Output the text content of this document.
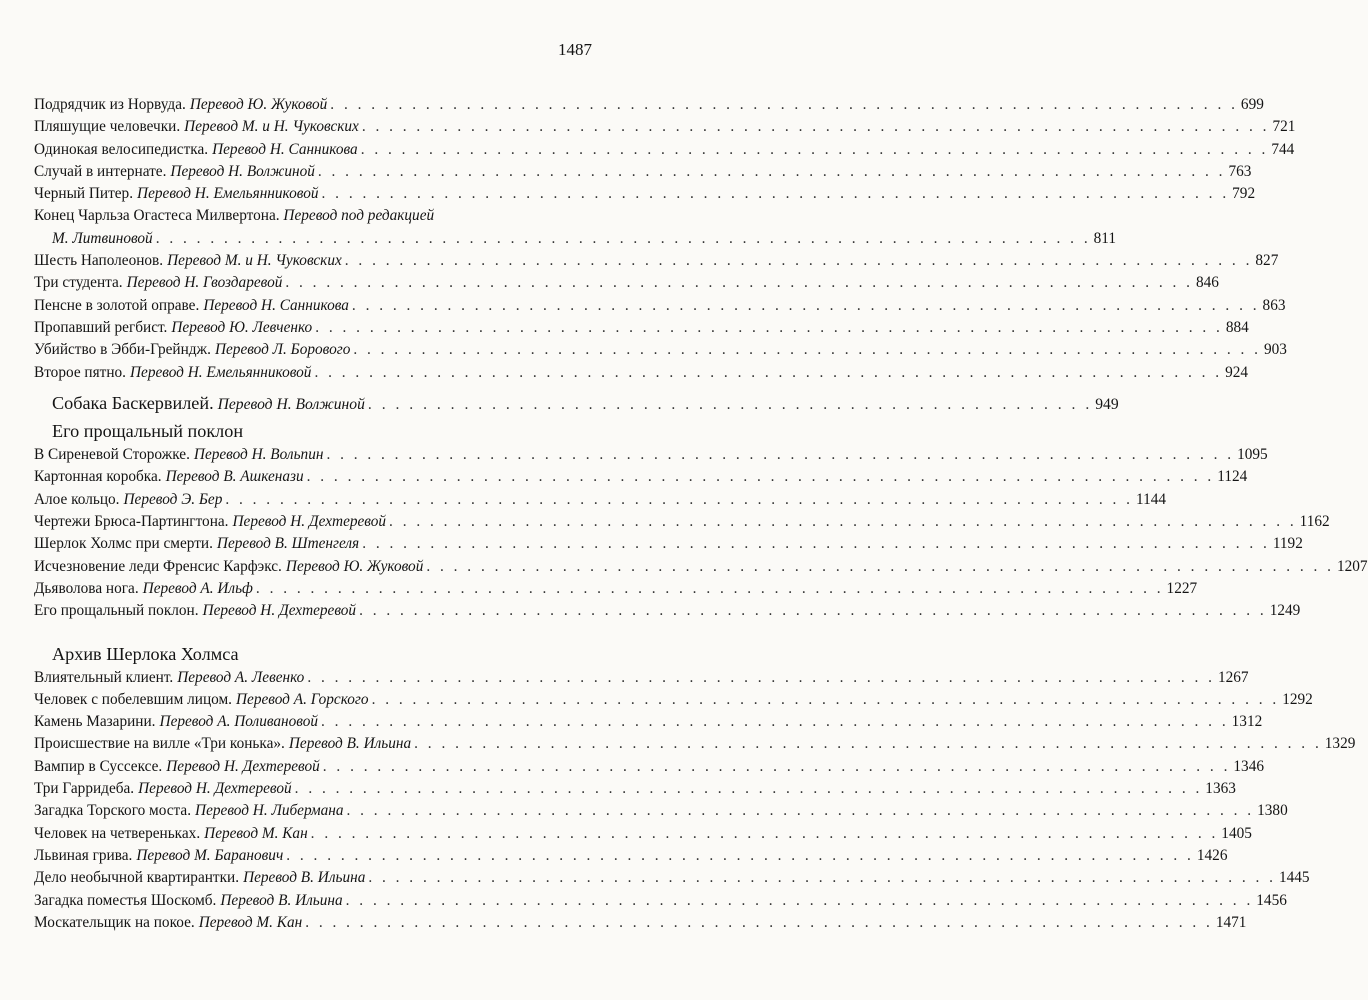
1487
Подрядчик из Норвуда. Перевод Ю. Жуковой . . . . . . . . . . . . . . . . . . . . . . . . . . . . . . . . . . . . . . . . . . . . . . . . . . . . . . . . . . . . . . . . . . . 699
Пляшущие человечки. Перевод М. и Н. Чуковских . . . . . . . . . . . . . . . . . . . . . . . . . . . . . . . . . . . . . . . . . . . . . . . . . . . . . . . . . . . . . . . . . . . 721
Одинокая велосипедистка. Перевод Н. Санникова . . . . . . . . . . . . . . . . . . . . . . . . . . . . . . . . . . . . . . . . . . . . . . . . . . . . . . . . . . . . . . . . . . . 744
Случай в интернате. Перевод Н. Волжиной . . . . . . . . . . . . . . . . . . . . . . . . . . . . . . . . . . . . . . . . . . . . . . . . . . . . . . . . . . . . . . . . . . . 763
Черный Питер. Перевод Н. Емельянниковой . . . . . . . . . . . . . . . . . . . . . . . . . . . . . . . . . . . . . . . . . . . . . . . . . . . . . . . . . . . . . . . . . . . 792
Конец Чарльза Огастеса Милвертона. Перевод под редакцией
М. Литвиновой . . . . . . . . . . . . . . . . . . . . . . . . . . . . . . . . . . . . . . . . . . . . . . . . . . . . . . . . . . . . . . . . . . . . . 811
Шесть Наполеонов. Перевод М. и Н. Чуковских . . . . . . . . . . . . . . . . . . . . . . . . . . . . . . . . . . . . . . . . . . . . . . . . . . . . . . . . . . . . . . . . . . . 827
Три студента. Перевод Н. Гвоздаревой . . . . . . . . . . . . . . . . . . . . . . . . . . . . . . . . . . . . . . . . . . . . . . . . . . . . . . . . . . . . . . . . . . . 846
Пенсне в золотой оправе. Перевод Н. Санникова . . . . . . . . . . . . . . . . . . . . . . . . . . . . . . . . . . . . . . . . . . . . . . . . . . . . . . . . . . . . . . . . . . . 863
Пропавший регбист. Перевод Ю. Левченко . . . . . . . . . . . . . . . . . . . . . . . . . . . . . . . . . . . . . . . . . . . . . . . . . . . . . . . . . . . . . . . . . . . 884
Убийство в Эбби-Грейндж. Перевод Л. Борового . . . . . . . . . . . . . . . . . . . . . . . . . . . . . . . . . . . . . . . . . . . . . . . . . . . . . . . . . . . . . . . . . . . 903
Второе пятно. Перевод Н. Емельянниковой . . . . . . . . . . . . . . . . . . . . . . . . . . . . . . . . . . . . . . . . . . . . . . . . . . . . . . . . . . . . . . . . . . . 924
Собака Баскервилей. Перевод Н. Волжиной . . . . . . . . . . . . . . . . . . . . . . . . . . . . . . . . . . . . . . . . . . . . . . . . . . . . . 949
Его прощальный поклон
В Сиреневой Сторожке. Перевод Н. Вольпин . . . . . . . . . . . . . . . . . . . . . . . . . . . . . . . . . . . . . . . . . . . . . . . . . . . . . . . . . . . . . . . . . . . 1095
Картонная коробка. Перевод В. Ашкенази . . . . . . . . . . . . . . . . . . . . . . . . . . . . . . . . . . . . . . . . . . . . . . . . . . . . . . . . . . . . . . . . . . . 1124
Алое кольцо. Перевод Э. Бер . . . . . . . . . . . . . . . . . . . . . . . . . . . . . . . . . . . . . . . . . . . . . . . . . . . . . . . . . . . . . . . . . . . 1144
Чертежи Брюса-Партингтона. Перевод Н. Дехтеревой . . . . . . . . . . . . . . . . . . . . . . . . . . . . . . . . . . . . . . . . . . . . . . . . . . . . . . . . . . . . . . . . . . . 1162
Шерлок Холмс при смерти. Перевод В. Штенгеля . . . . . . . . . . . . . . . . . . . . . . . . . . . . . . . . . . . . . . . . . . . . . . . . . . . . . . . . . . . . . . . . . . . 1192
Исчезновение леди Френсис Карфэкс. Перевод Ю. Жуковой . . . . . . . . . . . . . . . . . . . . . . . . . . . . . . . . . . . . . . . . . . . . . . . . . . . . . . . . . . . . . . . . . . . 1207
Дьяволова нога. Перевод А. Ильф . . . . . . . . . . . . . . . . . . . . . . . . . . . . . . . . . . . . . . . . . . . . . . . . . . . . . . . . . . . . . . . . . . . 1227
Его прощальный поклон. Перевод Н. Дехтеревой . . . . . . . . . . . . . . . . . . . . . . . . . . . . . . . . . . . . . . . . . . . . . . . . . . . . . . . . . . . . . . . . . . . 1249
Архив Шерлока Холмса
Влиятельный клиент. Перевод А. Левенко . . . . . . . . . . . . . . . . . . . . . . . . . . . . . . . . . . . . . . . . . . . . . . . . . . . . . . . . . . . . . . . . . . . 1267
Человек с побелевшим лицом. Перевод А. Горского . . . . . . . . . . . . . . . . . . . . . . . . . . . . . . . . . . . . . . . . . . . . . . . . . . . . . . . . . . . . . . . . . . . 1292
Камень Мазарини. Перевод А. Поливановой . . . . . . . . . . . . . . . . . . . . . . . . . . . . . . . . . . . . . . . . . . . . . . . . . . . . . . . . . . . . . . . . . . . 1312
Происшествие на вилле «Три конька». Перевод В. Ильина . . . . . . . . . . . . . . . . . . . . . . . . . . . . . . . . . . . . . . . . . . . . . . . . . . . . . . . . . . . . . . . . . . . 1329
Вампир в Суссексе. Перевод Н. Дехтеревой . . . . . . . . . . . . . . . . . . . . . . . . . . . . . . . . . . . . . . . . . . . . . . . . . . . . . . . . . . . . . . . . . . . 1346
Три Гарридеба. Перевод Н. Дехтеревой . . . . . . . . . . . . . . . . . . . . . . . . . . . . . . . . . . . . . . . . . . . . . . . . . . . . . . . . . . . . . . . . . . . 1363
Загадка Торского моста. Перевод Н. Либермана . . . . . . . . . . . . . . . . . . . . . . . . . . . . . . . . . . . . . . . . . . . . . . . . . . . . . . . . . . . . . . . . . . . 1380
Человек на четвереньках. Перевод М. Кан . . . . . . . . . . . . . . . . . . . . . . . . . . . . . . . . . . . . . . . . . . . . . . . . . . . . . . . . . . . . . . . . . . . 1405
Львиная грива. Перевод М. Баранович . . . . . . . . . . . . . . . . . . . . . . . . . . . . . . . . . . . . . . . . . . . . . . . . . . . . . . . . . . . . . . . . . . . 1426
Дело необычной квартирантки. Перевод В. Ильина . . . . . . . . . . . . . . . . . . . . . . . . . . . . . . . . . . . . . . . . . . . . . . . . . . . . . . . . . . . . . . . . . . . 1445
Загадка поместья Шоскомб. Перевод В. Ильина . . . . . . . . . . . . . . . . . . . . . . . . . . . . . . . . . . . . . . . . . . . . . . . . . . . . . . . . . . . . . . . . . . . 1456
Москательщик на покое. Перевод М. Кан . . . . . . . . . . . . . . . . . . . . . . . . . . . . . . . . . . . . . . . . . . . . . . . . . . . . . . . . . . . . . . . . . . . 1471
